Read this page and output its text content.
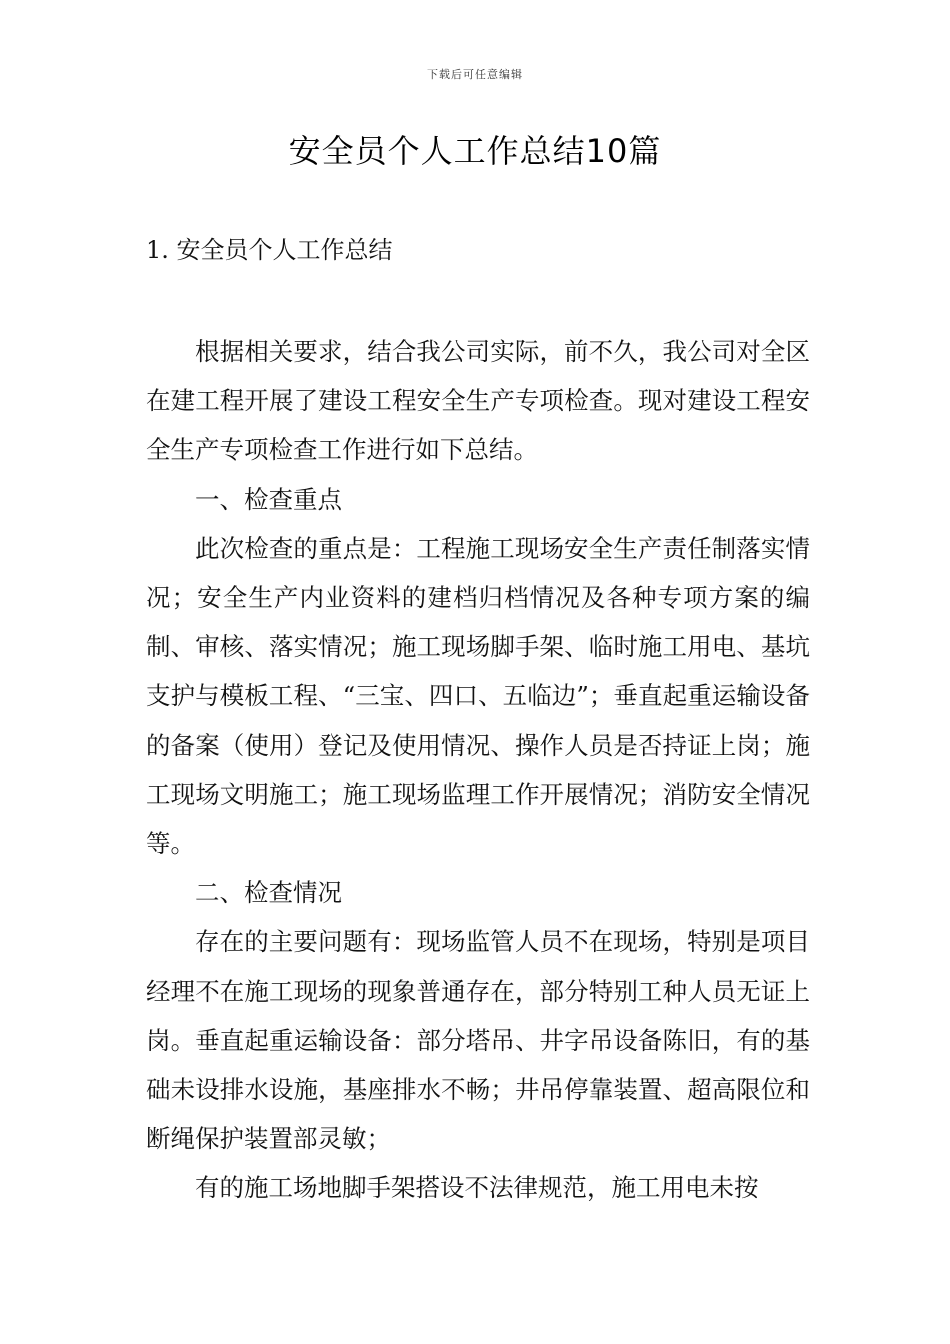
下载后可任意编辑
安全员个人工作总结10篇
1. 安全员个人工作总结

根据相关要求，结合我公司实际，前不久，我公司对全区在建工程开展了建设工程安全生产专项检查。现对建设工程安全生产专项检查工作进行如下总结。

一、检查重点

此次检查的重点是：工程施工现场安全生产责任制落实情况；安全生产内业资料的建档归档情况及各种专项方案的编制、审核、落实情况；施工现场脚手架、临时施工用电、基坑支护与模板工程、“三宝、四口、五临边”；垂直起重运输设备的备案（使用）登记及使用情况、操作人员是否持证上岗；施工现场文明施工；施工现场监理工作开展情况；消防安全情况等。

二、检查情况

存在的主要问题有：现场监管人员不在现场，特别是项目经理不在施工现场的现象普通存在，部分特别工种人员无证上岗。垂直起重运输设备：部分塔吊、井字吊设备陈旧，有的基础未设排水设施，基座排水不畅；井吊停靠装置、超高限位和断绳保护装置部灵敏；

有的施工场地脚手架搭设不法律规范，施工用电未按
